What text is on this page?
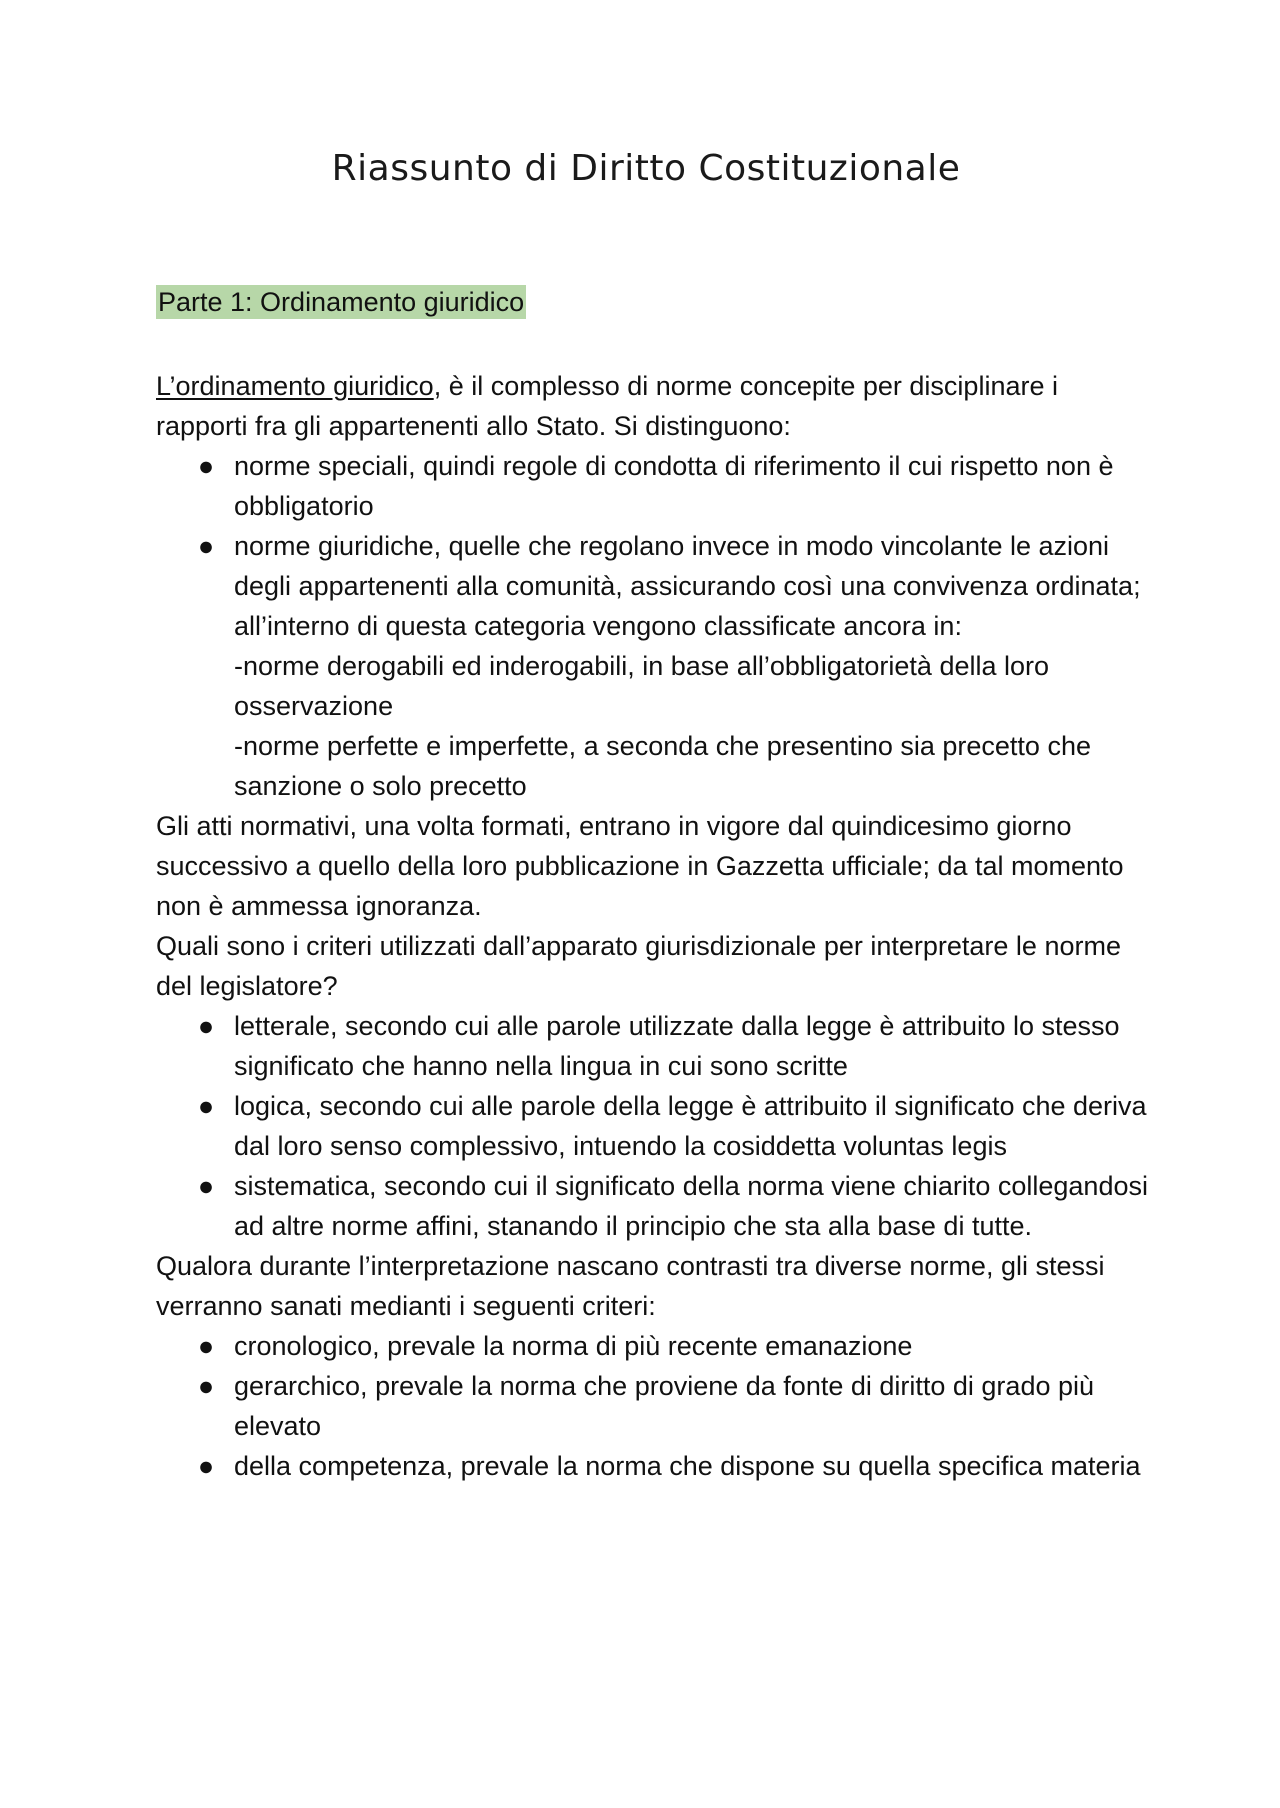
Riassunto di Diritto Costituzionale
Parte 1: Ordinamento giuridico

L’ordinamento giuridico, è il complesso di norme concepite per disciplinare i rapporti fra gli appartenenti allo Stato. Si distinguono:

● norme speciali, quindi regole di condotta di riferimento il cui rispetto non è obbligatorio
● norme giuridiche, quelle che regolano invece in modo vincolante le azioni degli appartenenti alla comunità, assicurando così una convivenza ordinata; all’interno di questa categoria vengono classificate ancora in:
-norme derogabili ed inderogabili, in base all’obbligatorietà della loro osservazione
-norme perfette e imperfette, a seconda che presentino sia precetto che sanzione o solo precetto

Gli atti normativi, una volta formati, entrano in vigore dal quindicesimo giorno successivo a quello della loro pubblicazione in Gazzetta ufficiale; da tal momento non è ammessa ignoranza.

Quali sono i criteri utilizzati dall’apparato giurisdizionale per interpretare le norme del legislatore?

● letterale, secondo cui alle parole utilizzate dalla legge è attribuito lo stesso significato che hanno nella lingua in cui sono scritte
● logica, secondo cui alle parole della legge è attribuito il significato che deriva dal loro senso complessivo, intuendo la cosiddetta voluntas legis
● sistematica, secondo cui il significato della norma viene chiarito collegandosi ad altre norme affini, stanando il principio che sta alla base di tutte.

Qualora durante l’interpretazione nascano contrasti tra diverse norme, gli stessi verranno sanati medianti i seguenti criteri:

● cronologico, prevale la norma di più recente emanazione
● gerarchico, prevale la norma che proviene da fonte di diritto di grado più elevato
● della competenza, prevale la norma che dispone su quella specifica materia
